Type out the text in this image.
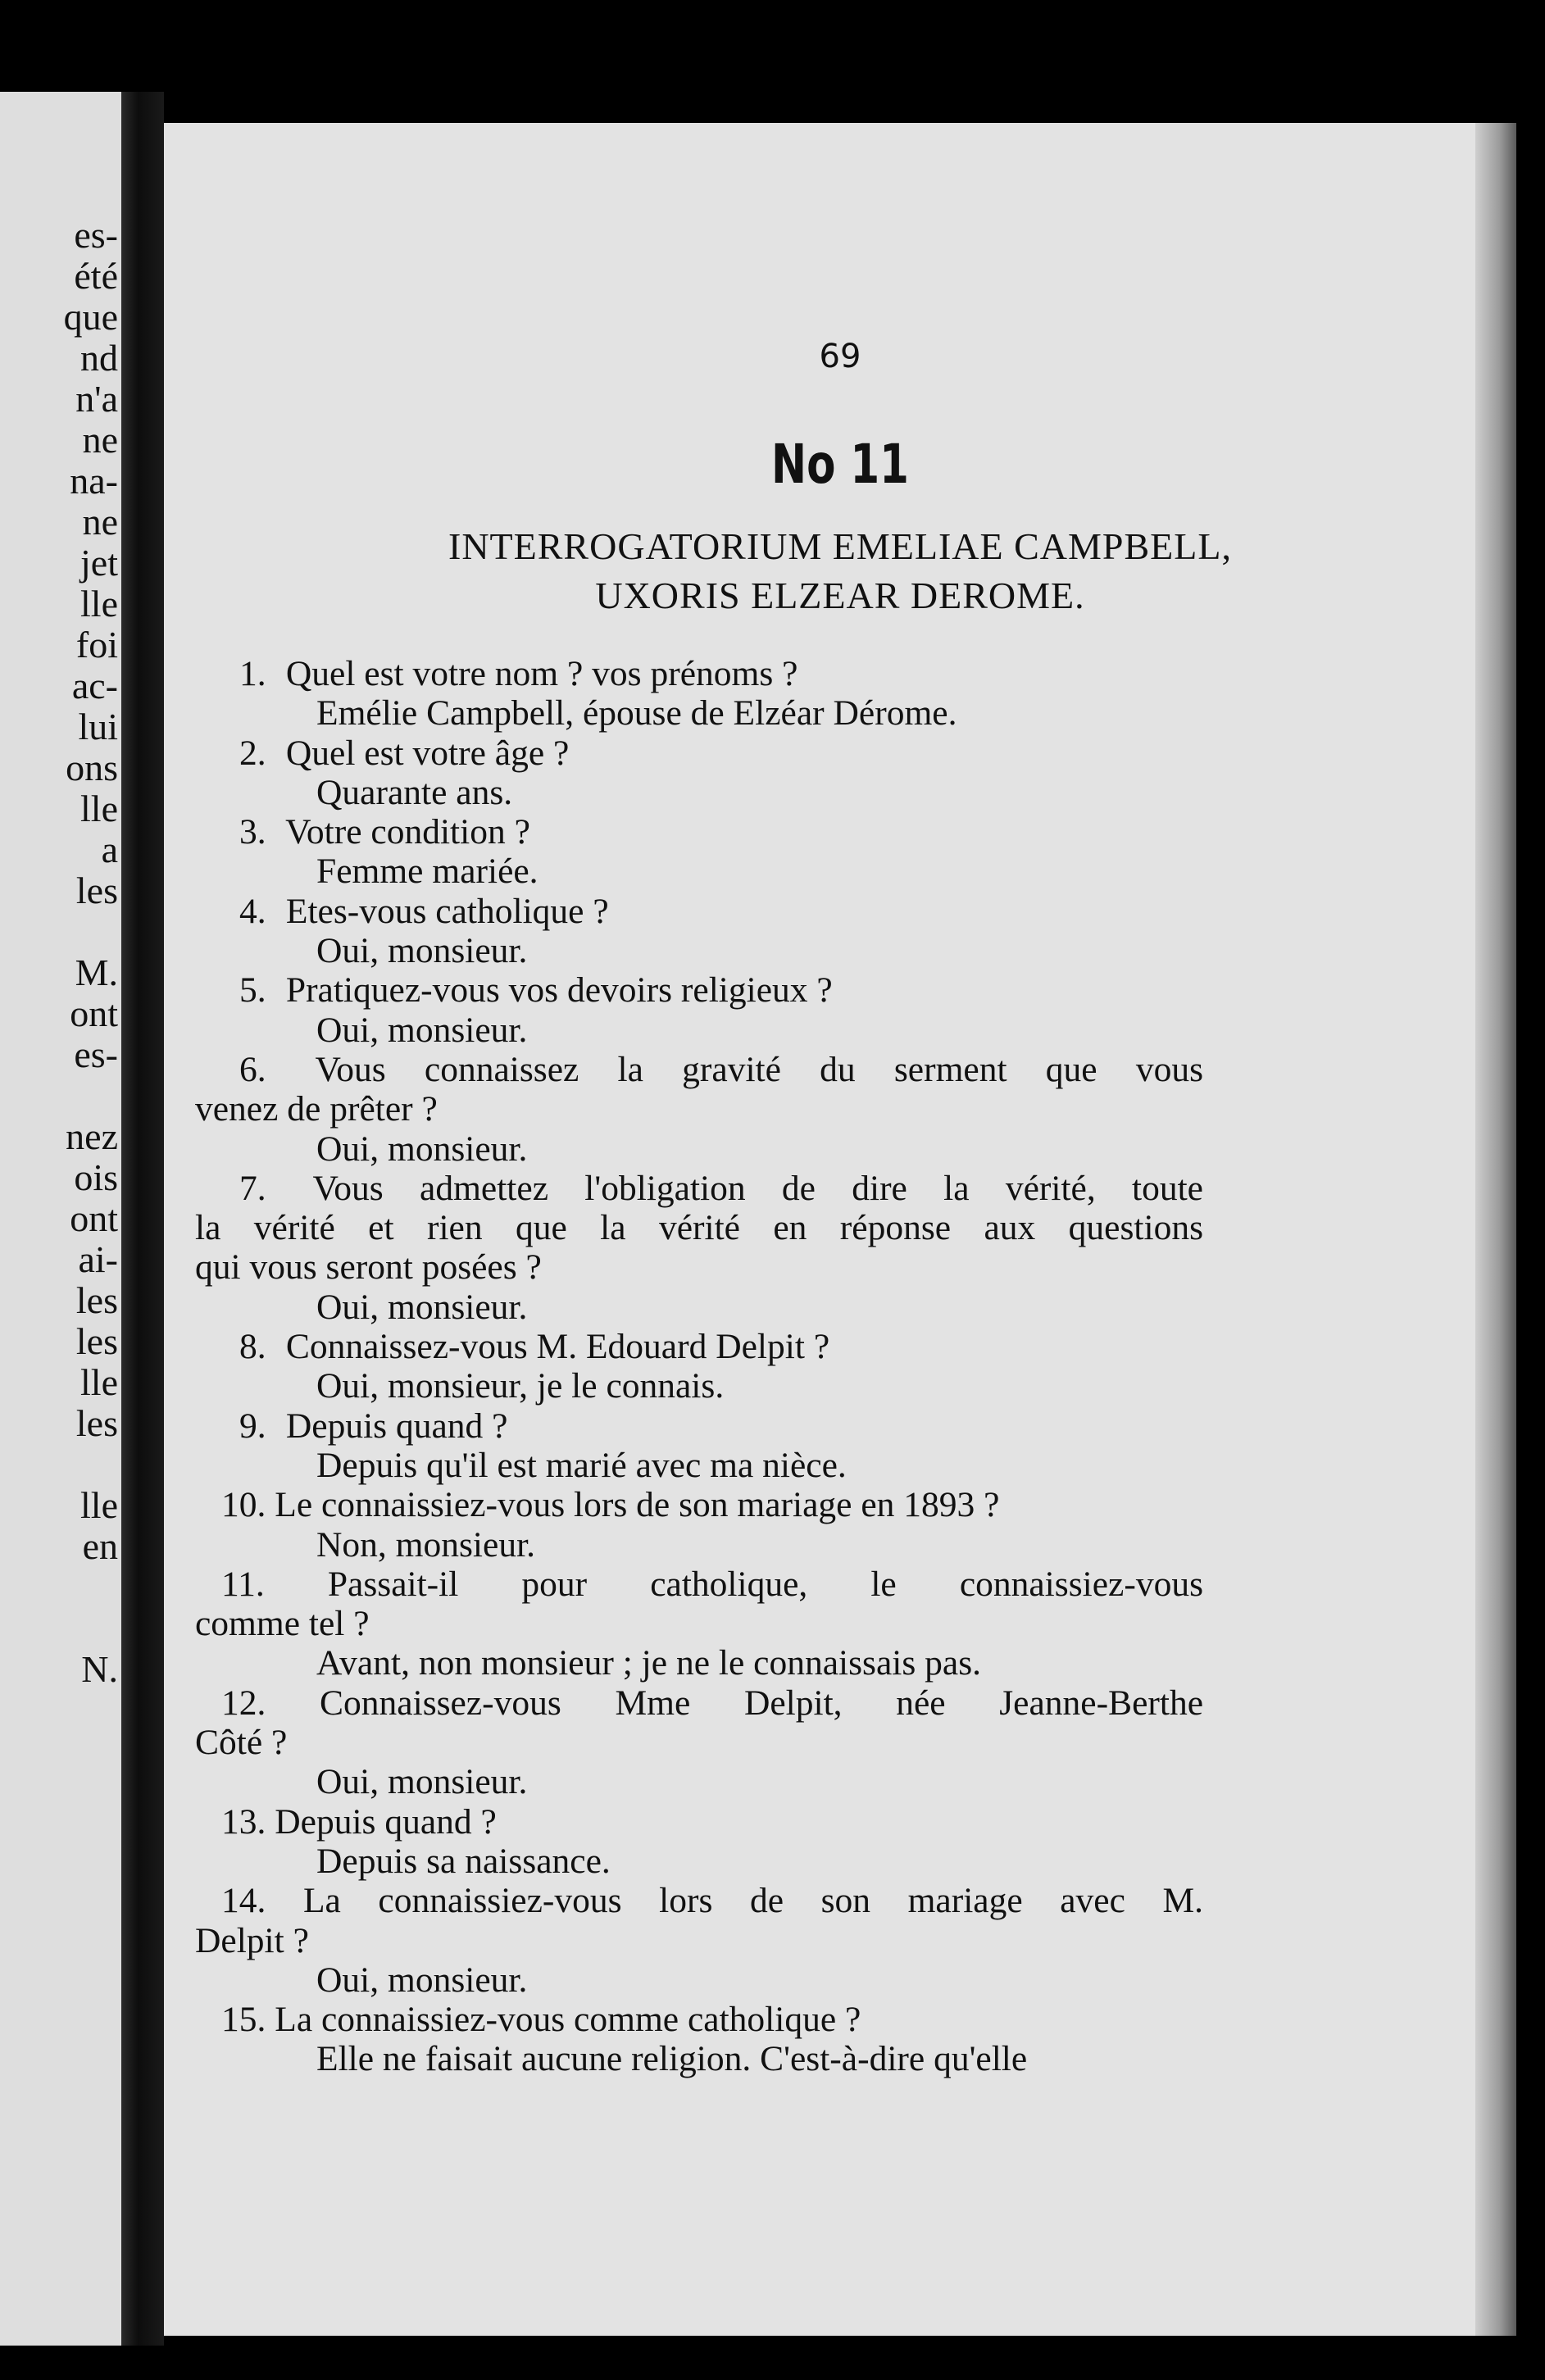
es-
été
que
nd
n'a
ne
na-
ne
jet
lle
foi
ac-
lui
ons
lle
a
les
M.
ont
es-
nez
ois
ont
ai-
les
les
lle
les
lle
en
N.
69
No 11
INTERROGATORIUM EMELIAE CAMPBELL,
UXORIS ELZEAR DEROME.
1. Quel est votre nom ? vos prénoms ?
Emélie Campbell, épouse de Elzéar Dérome.
2. Quel est votre âge ?
Quarante ans.
3. Votre condition ?
Femme mariée.
4. Etes-vous catholique ?
Oui, monsieur.
5. Pratiquez-vous vos devoirs religieux ?
Oui, monsieur.
6. Vous connaissez la gravité du serment que vous
venez de prêter ?
Oui, monsieur.
7. Vous admettez l'obligation de dire la vérité, toute
la vérité et rien que la vérité en réponse aux questions
qui vous seront posées ?
Oui, monsieur.
8. Connaissez-vous M. Edouard Delpit ?
Oui, monsieur, je le connais.
9. Depuis quand ?
Depuis qu'il est marié avec ma nièce.
10. Le connaissiez-vous lors de son mariage en 1893 ?
Non, monsieur.
11. Passait-il pour catholique, le connaissiez-vous
comme tel ?
Avant, non monsieur ; je ne le connaissais pas.
12. Connaissez-vous Mme Delpit, née Jeanne-Berthe
Côté ?
Oui, monsieur.
13. Depuis quand ?
Depuis sa naissance.
14. La connaissiez-vous lors de son mariage avec M.
Delpit ?
Oui, monsieur.
15. La connaissiez-vous comme catholique ?
Elle ne faisait aucune religion. C'est-à-dire qu'elle
